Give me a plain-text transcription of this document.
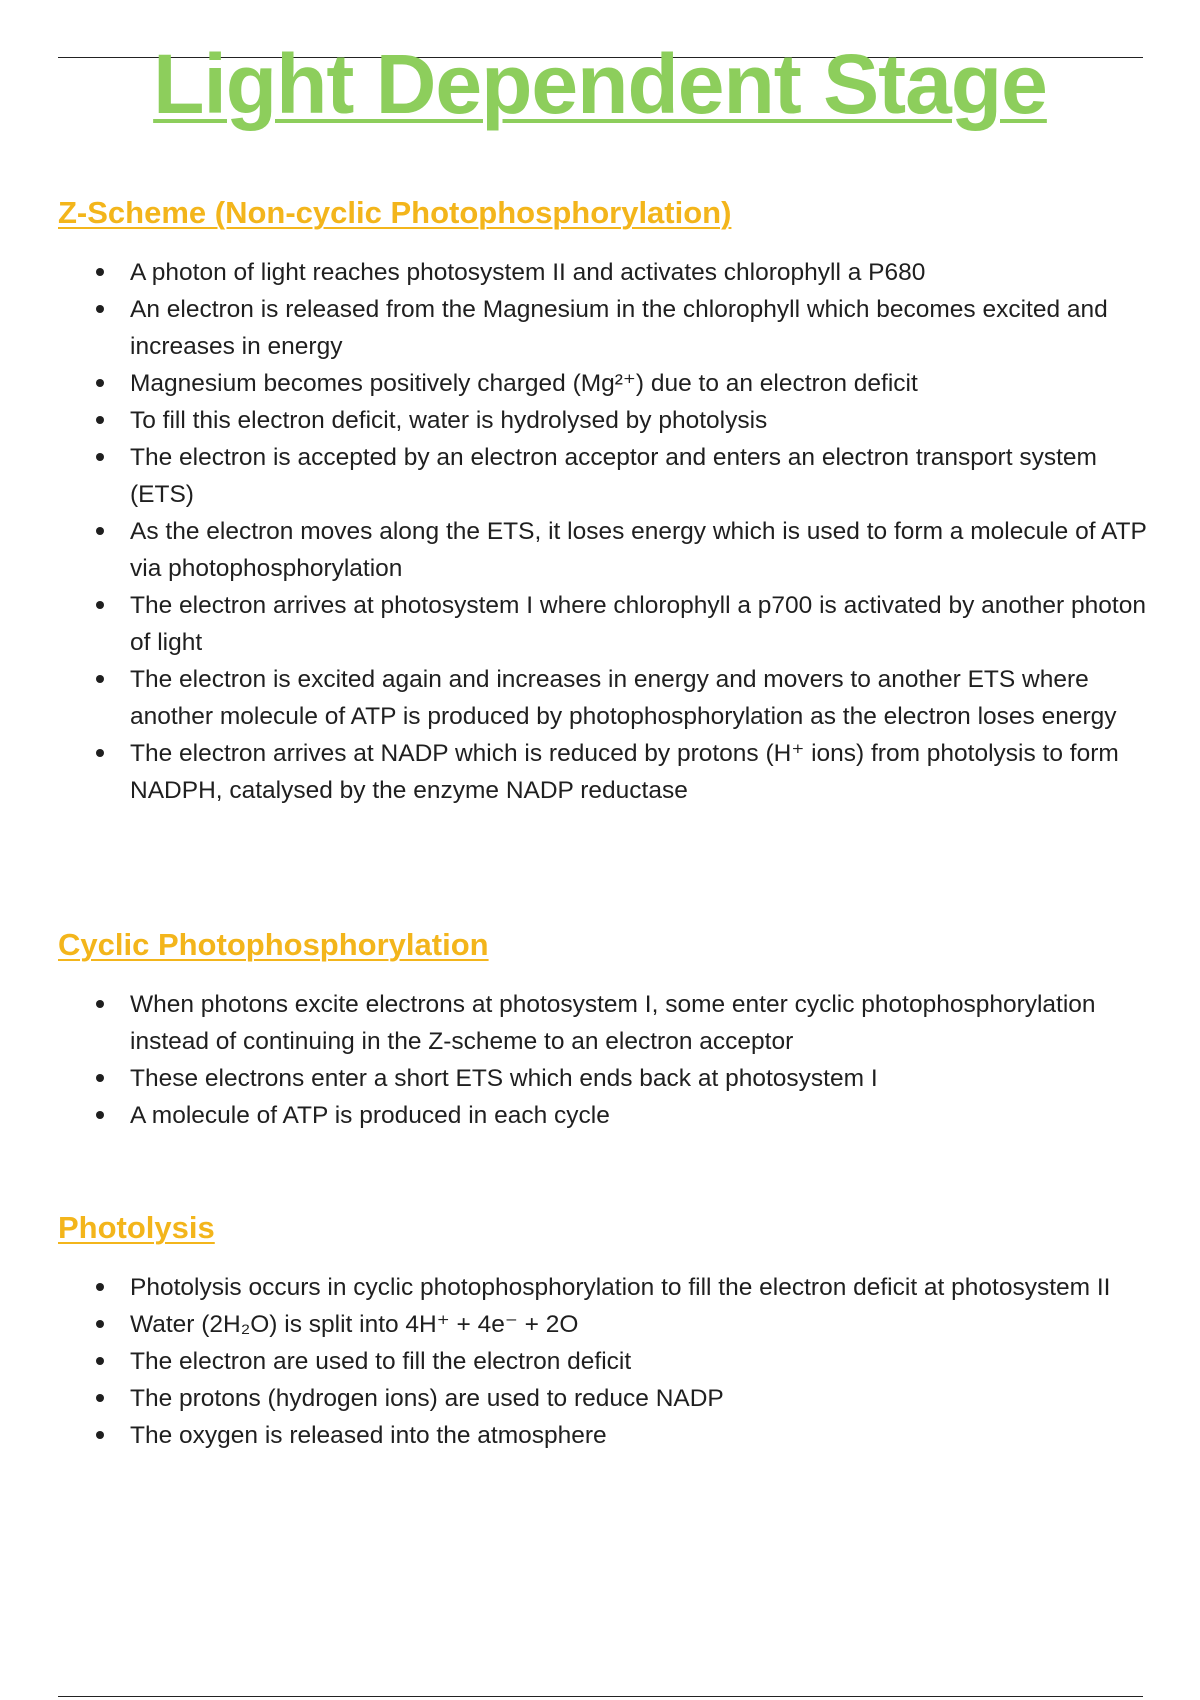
Light Dependent Stage
Z-Scheme (Non-cyclic Photophosphorylation)
A photon of light reaches photosystem II and activates chlorophyll a P680
An electron is released from the Magnesium in the chlorophyll which becomes excited and increases in energy
Magnesium becomes positively charged (Mg²⁺) due to an electron deficit
To fill this electron deficit, water is hydrolysed by photolysis
The electron is accepted by an electron acceptor and enters an electron transport system (ETS)
As the electron moves along the ETS, it loses energy which is used to form a molecule of ATP via photophosphorylation
The electron arrives at photosystem I where chlorophyll a p700 is activated by another photon of light
The electron is excited again and increases in energy and movers to another ETS where another molecule of ATP is produced by photophosphorylation as the electron loses energy
The electron arrives at NADP which is reduced by protons (H⁺ ions) from photolysis to form NADPH, catalysed by the enzyme NADP reductase
Cyclic Photophosphorylation
When photons excite electrons at photosystem I, some enter cyclic photophosphorylation instead of continuing in the Z-scheme to an electron acceptor
These electrons enter a short ETS which ends back at photosystem I
A molecule of ATP is produced in each cycle
Photolysis
Photolysis occurs in cyclic photophosphorylation to fill the electron deficit at photosystem II
Water (2H₂O) is split into 4H⁺ + 4e⁻ + 2O
The electron are used to fill the electron deficit
The protons (hydrogen ions) are used to reduce NADP
The oxygen is released into the atmosphere
